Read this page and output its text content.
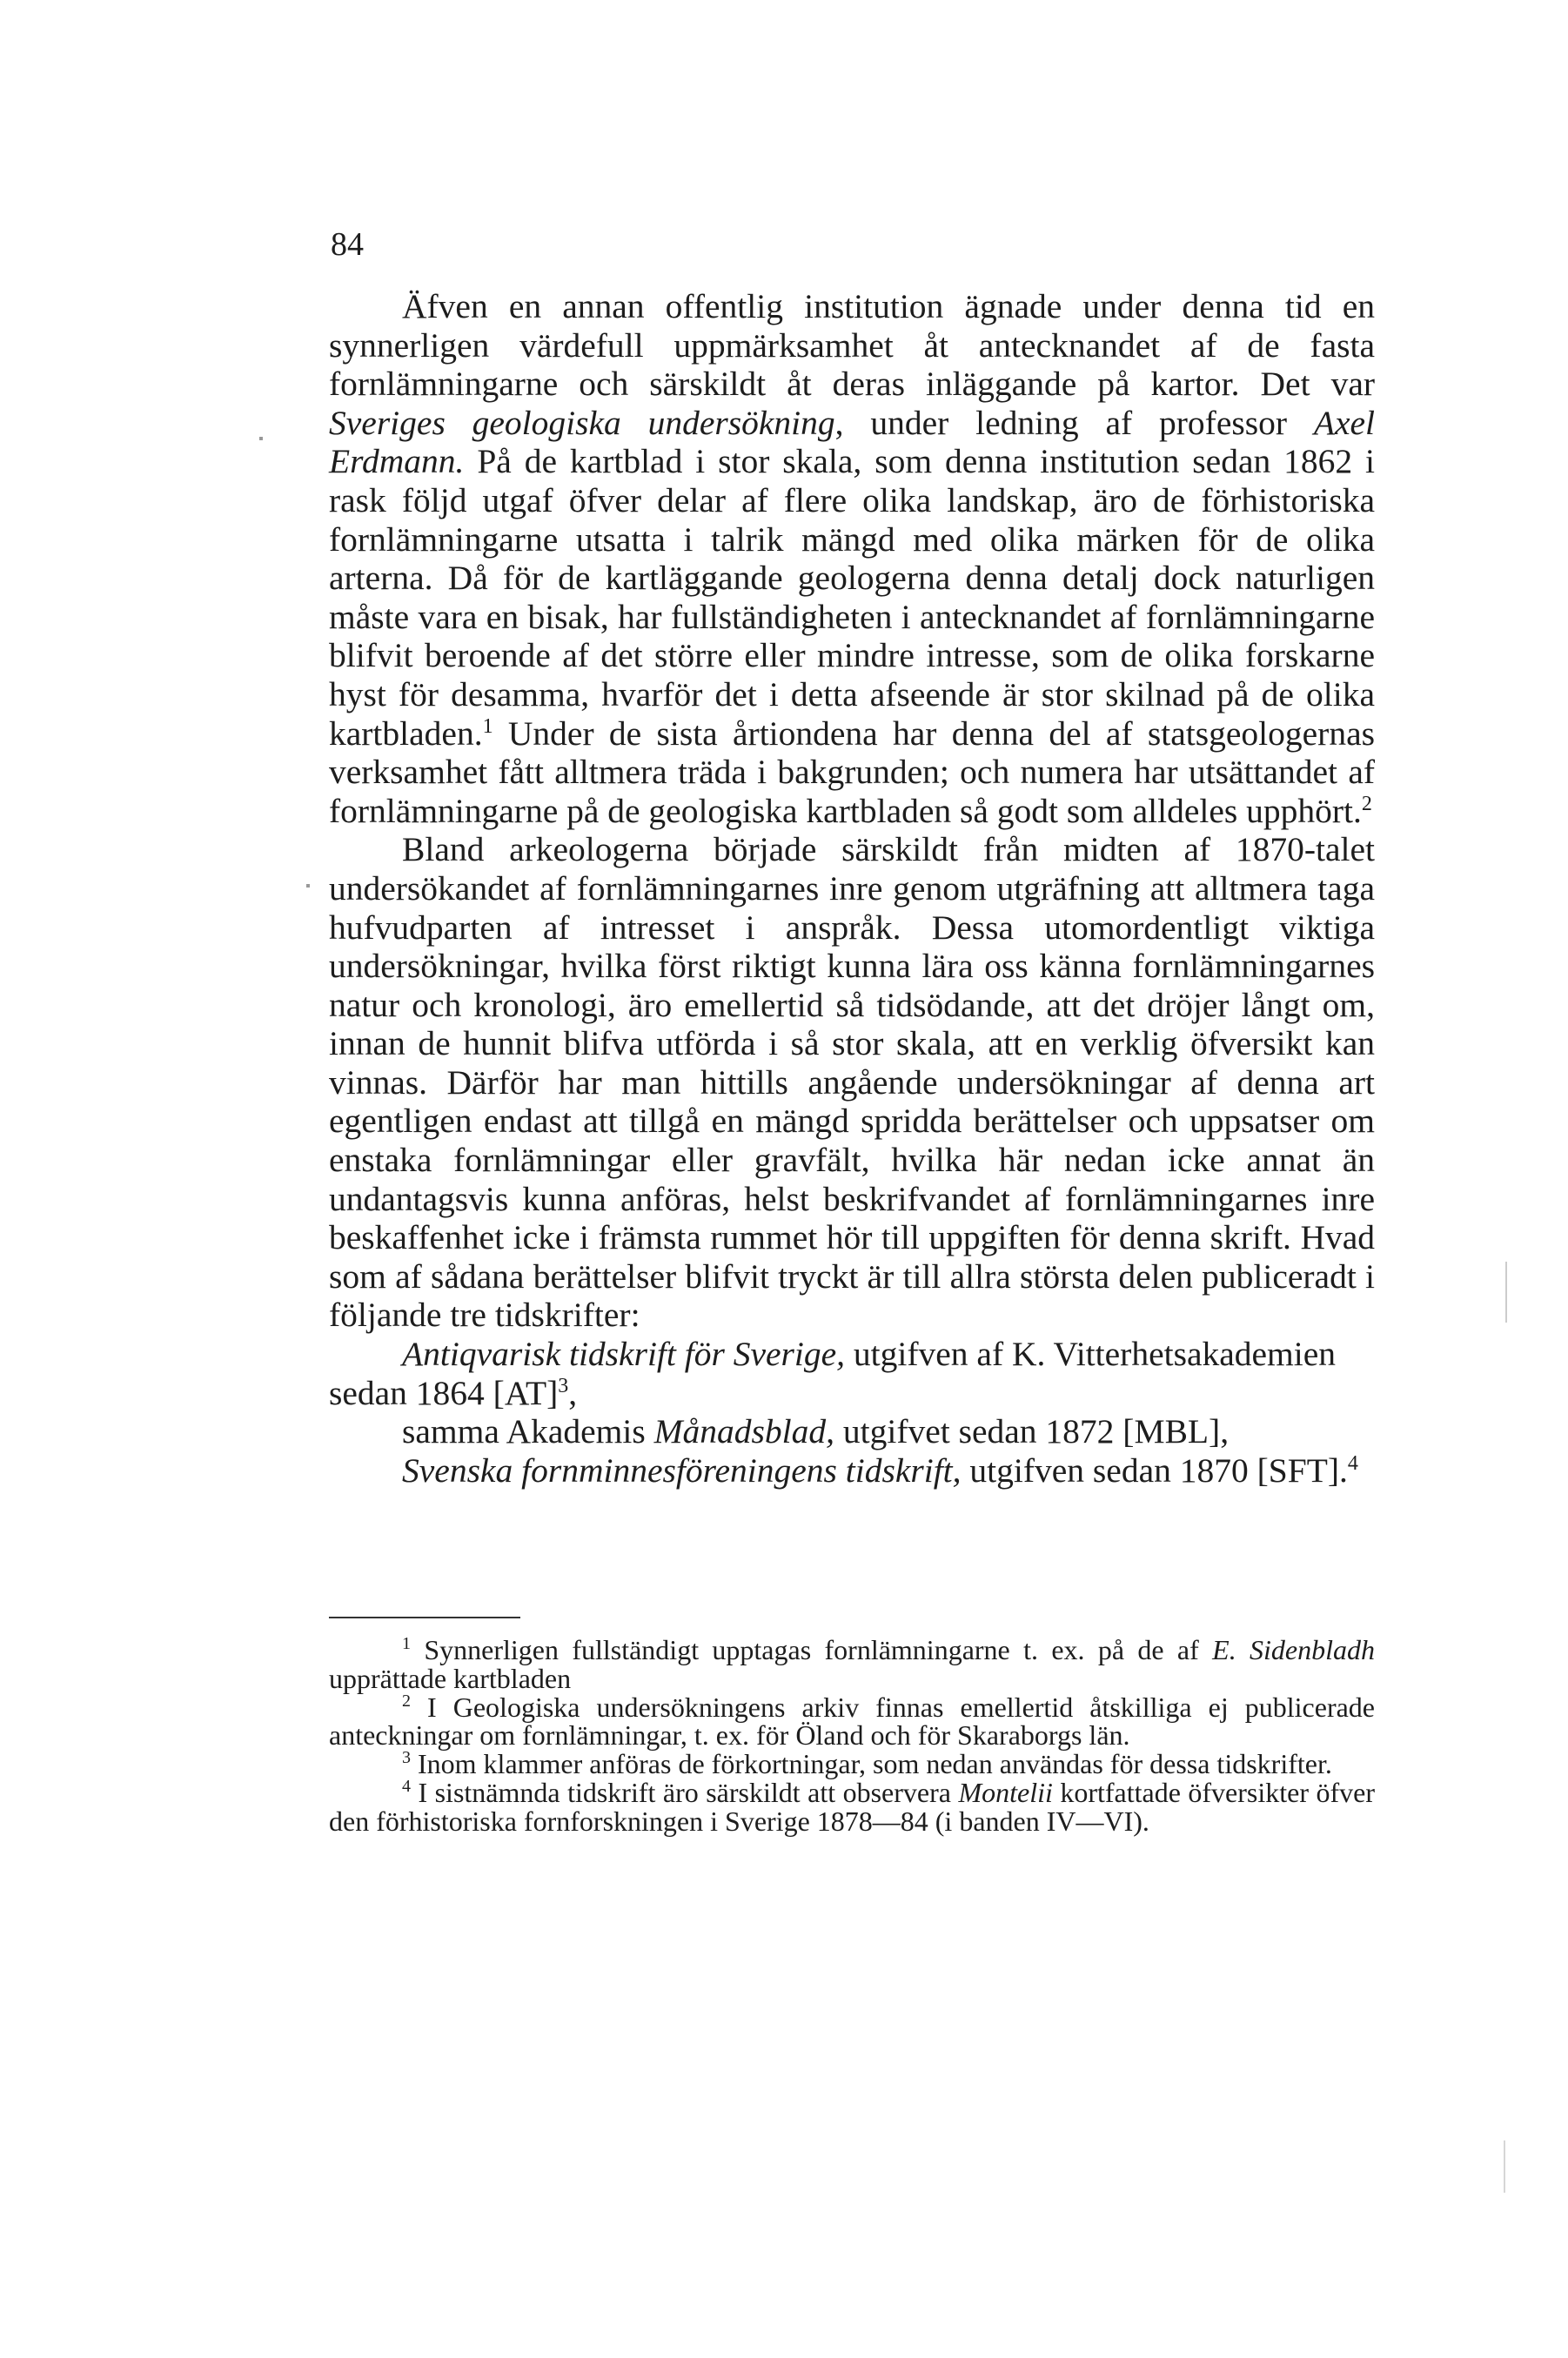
84

Äfven en annan offentlig institution ägnade under denna tid en synnerligen värdefull uppmärksamhet åt antecknandet af de fasta fornlämningarne och särskildt åt deras inläggande på kartor. Det var Sveriges geologiska undersökning, under ledning af professor Axel Erdmann. På de kartblad i stor skala, som denna institution sedan 1862 i rask följd utgaf öfver delar af flere olika landskap, äro de förhistoriska fornlämningarne utsatta i talrik mängd med olika märken för de olika arterna. Då för de kartläggande geologerna denna detalj dock naturligen måste vara en bisak, har fullständigheten i antecknandet af fornlämningarne blifvit beroende af det större eller mindre intresse, som de olika forskarne hyst för desamma, hvarför det i detta afseende är stor skilnad på de olika kartbladen.$^1$ Under de sista årtiondena har denna del af statsgeologernas verksamhet fått alltmera träda i bakgrunden; och numera har utsättandet af fornlämningarne på de geologiska kartbladen så godt som alldeles upphört.$^2$

Bland arkeologerna började särskildt från midten af 1870-talet undersökandet af fornlämningarnes inre genom utgräfning att alltmera taga hufvudparten af intresset i anspråk. Dessa utomordentligt viktiga undersökningar, hvilka först riktigt kunna lära oss känna fornlämningarnes natur och kronologi, äro emellertid så tidsödande, att det dröjer långt om, innan de hunnit blifva utförda i så stor skala, att en verklig öfversikt kan vinnas. Därför har man hittills angående undersökningar af denna art egentligen endast att tillgå en mängd spridda berättelser och uppsatser om enstaka fornlämningar eller gravfält, hvilka här nedan icke annat än undantagsvis kunna anföras, helst beskrifvandet af fornlämningarnes inre beskaffenhet icke i främsta rummet hör till uppgiften för denna skrift. Hvad som af sådana berättelser blifvit tryckt är till allra största delen publiceradt i följande tre tidskrifter:

Antiqvarisk tidskrift för Sverige, utgifven af K. Vitterhetsakademien
sedan 1864 [AT]$^3$,
samma Akademis Månadsblad, utgifvet sedan 1872 [MBL],
Svenska fornminnesföreningens tidskrift, utgifven sedan 1870 [SFT].$^4$

$^1$ Synnerligen fullständigt upptagas fornlämningarne t. ex. på de af E. Sidenbladh upprättade kartbladen

$^2$ I Geologiska undersökningens arkiv finnas emellertid åtskilliga ej publicerade anteckningar om fornlämningar, t. ex. för Öland och för Skaraborgs län.

$^3$ Inom klammer anföras de förkortningar, som nedan användas för dessa tidskrifter.

$^4$ I sistnämnda tidskrift äro särskildt att observera Montelii kortfattade öfversikter öfver den förhistoriska fornforskningen i Sverige 1878—84 (i banden IV—VI).
